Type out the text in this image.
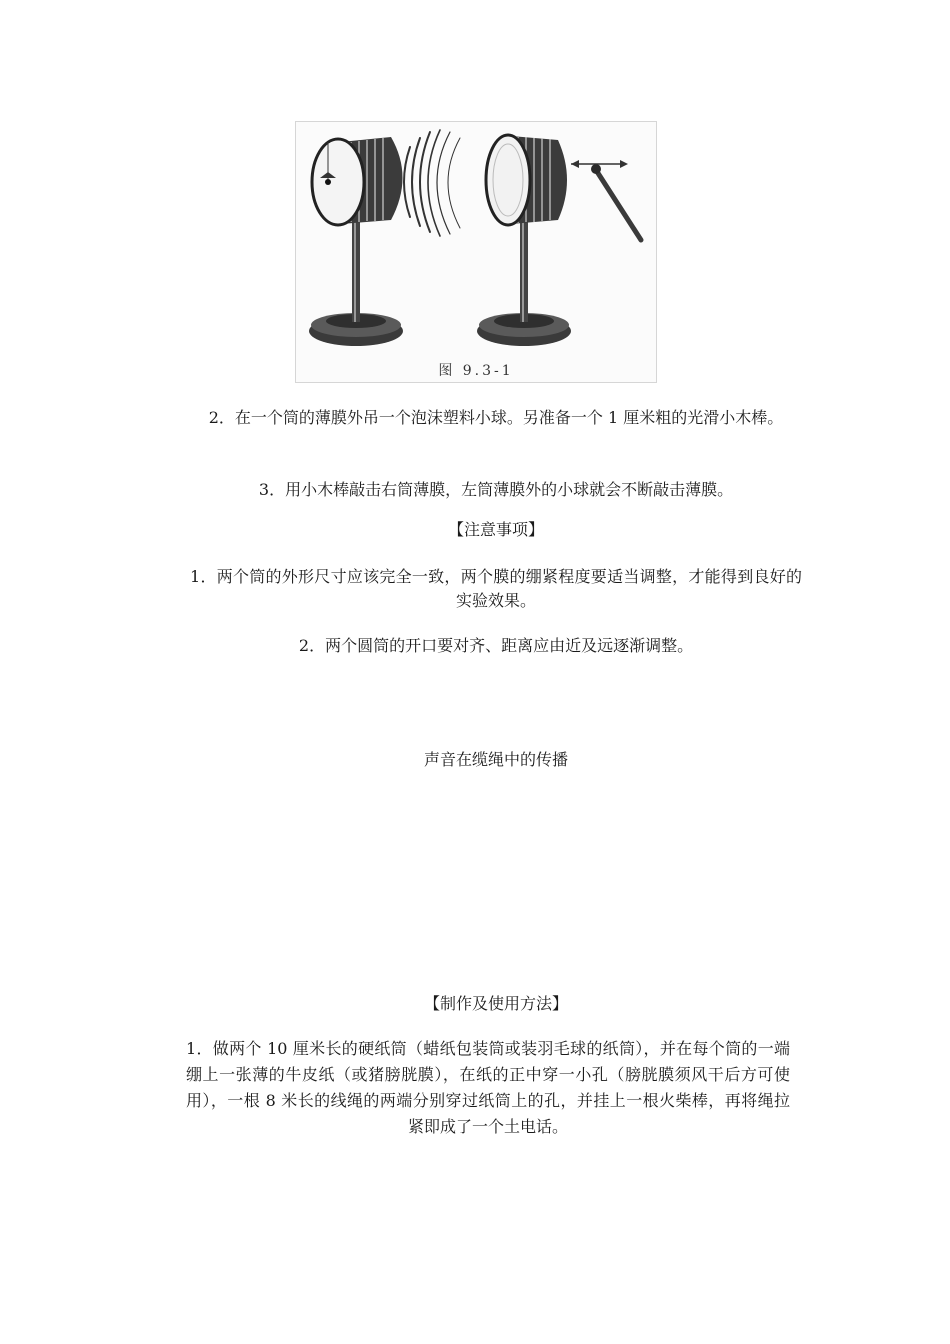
图 9.3-1
2．在一个筒的薄膜外吊一个泡沫塑料小球。另准备一个 1 厘米粗的光滑小木棒。
3．用小木棒敲击右筒薄膜，左筒薄膜外的小球就会不断敲击薄膜。
【注意事项】
1．两个筒的外形尺寸应该完全一致，两个膜的绷紧程度要适当调整，才能得到良好的实验效果。
2．两个圆筒的开口要对齐、距离应由近及远逐渐调整。
声音在缆绳中的传播
【制作及使用方法】
1．做两个 10 厘米长的硬纸筒（蜡纸包装筒或装羽毛球的纸筒），并在每个筒的一端绷上一张薄的牛皮纸（或猪膀胱膜），在纸的正中穿一小孔（膀胱膜须风干后方可使用），一根 8 米长的线绳的两端分别穿过纸筒上的孔，并挂上一根火柴棒，再将绳拉紧即成了一个土电话。
